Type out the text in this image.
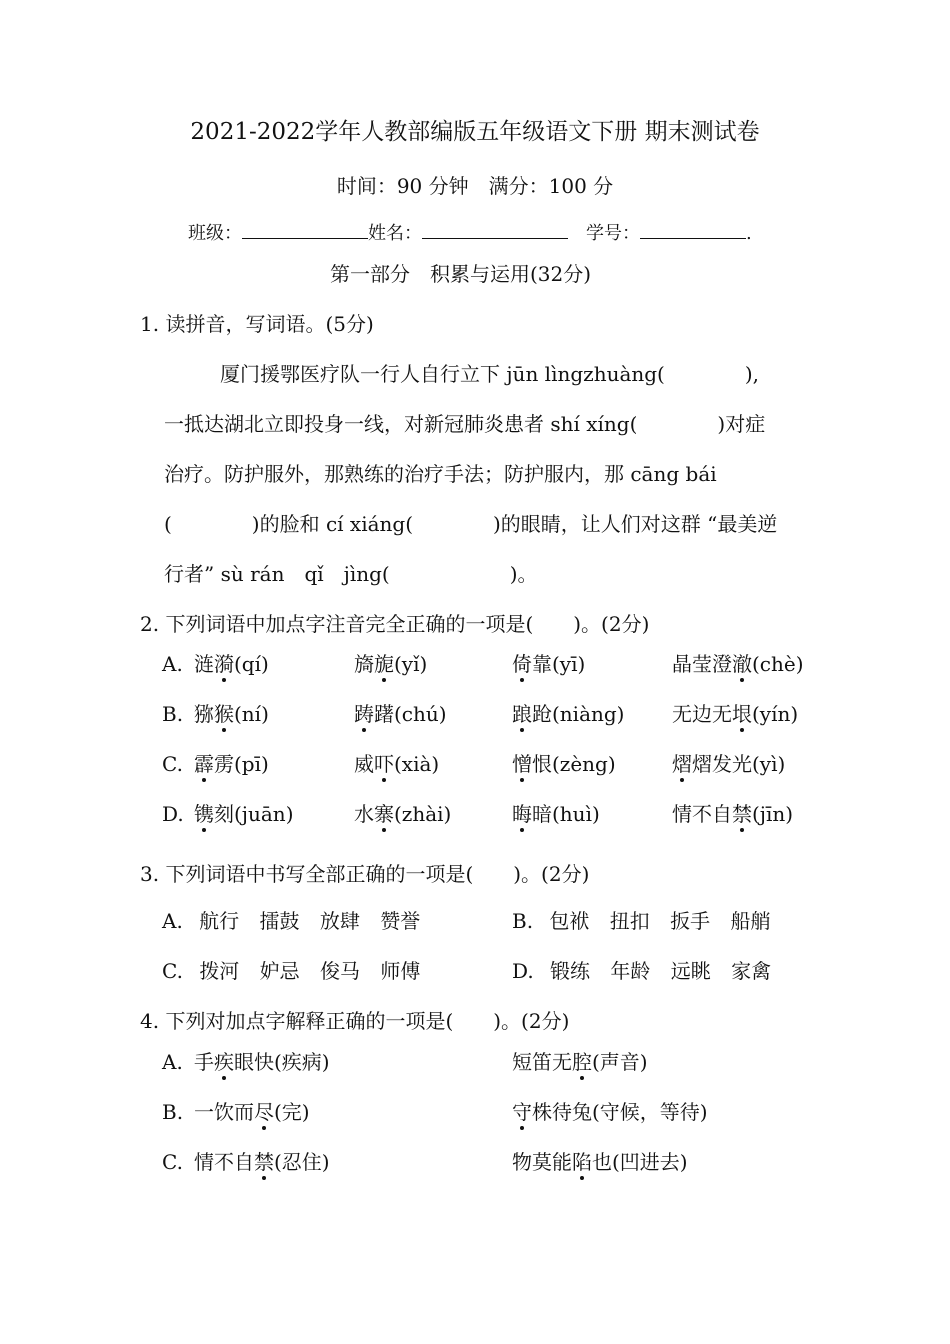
2021-2022学年人教部编版五年级语文下册 期末测试卷
时间：90 分钟　满分：100 分
班级：	姓名：	学号：	.
第一部分　积累与运用(32分)
1. 读拼音，写词语。(5分)
厦门援鄂医疗队一行人自行立下 jūn lìngzhuàng(　　　　),
一抵达湖北立即投身一线，对新冠肺炎患者 shí xíng(　　　　)对症
治疗。防护服外，那熟练的治疗手法；防护服内，那 cāng bái
(　　　　)的脸和 cí xiáng(　　　　)的眼睛，让人们对这群 “最美逆
行者” sù rán　qǐ　jìng(　　　　　　)。
2. 下列词语中加点字注音完全正确的一项是(　　)。(2分)
A. 涟漪(qí)	旖旎(yǐ)	倚靠(yī)	晶莹澄澈(chè)
B. 猕猴(ní)	踌躇(chú)	踉跄(niàng) 无边无垠(yín)
C. 霹雳(pī)	威吓(xià)	憎恨(zèng)	熠熠发光(yì)
D. 镌刻(juān)	水寨(zhài)	晦暗(huì)	情不自禁(jīn)
3. 下列词语中书写全部正确的一项是(　　)。(2分)
A. 航行 擂鼓 放肆 赞誉	B. 包袱 扭扣 扳手 船艄
C. 拨河 妒忌 俊马 师傅	D. 锻练 年龄 远眺 家禽
4. 下列对加点字解释正确的一项是(　　)。(2分)
A. 手疾眼快(疾病)	短笛无腔(声音)
B. 一饮而尽(完)	守株待兔(守候，等待)
C. 情不自禁(忍住)	物莫能陷也(凹进去)
